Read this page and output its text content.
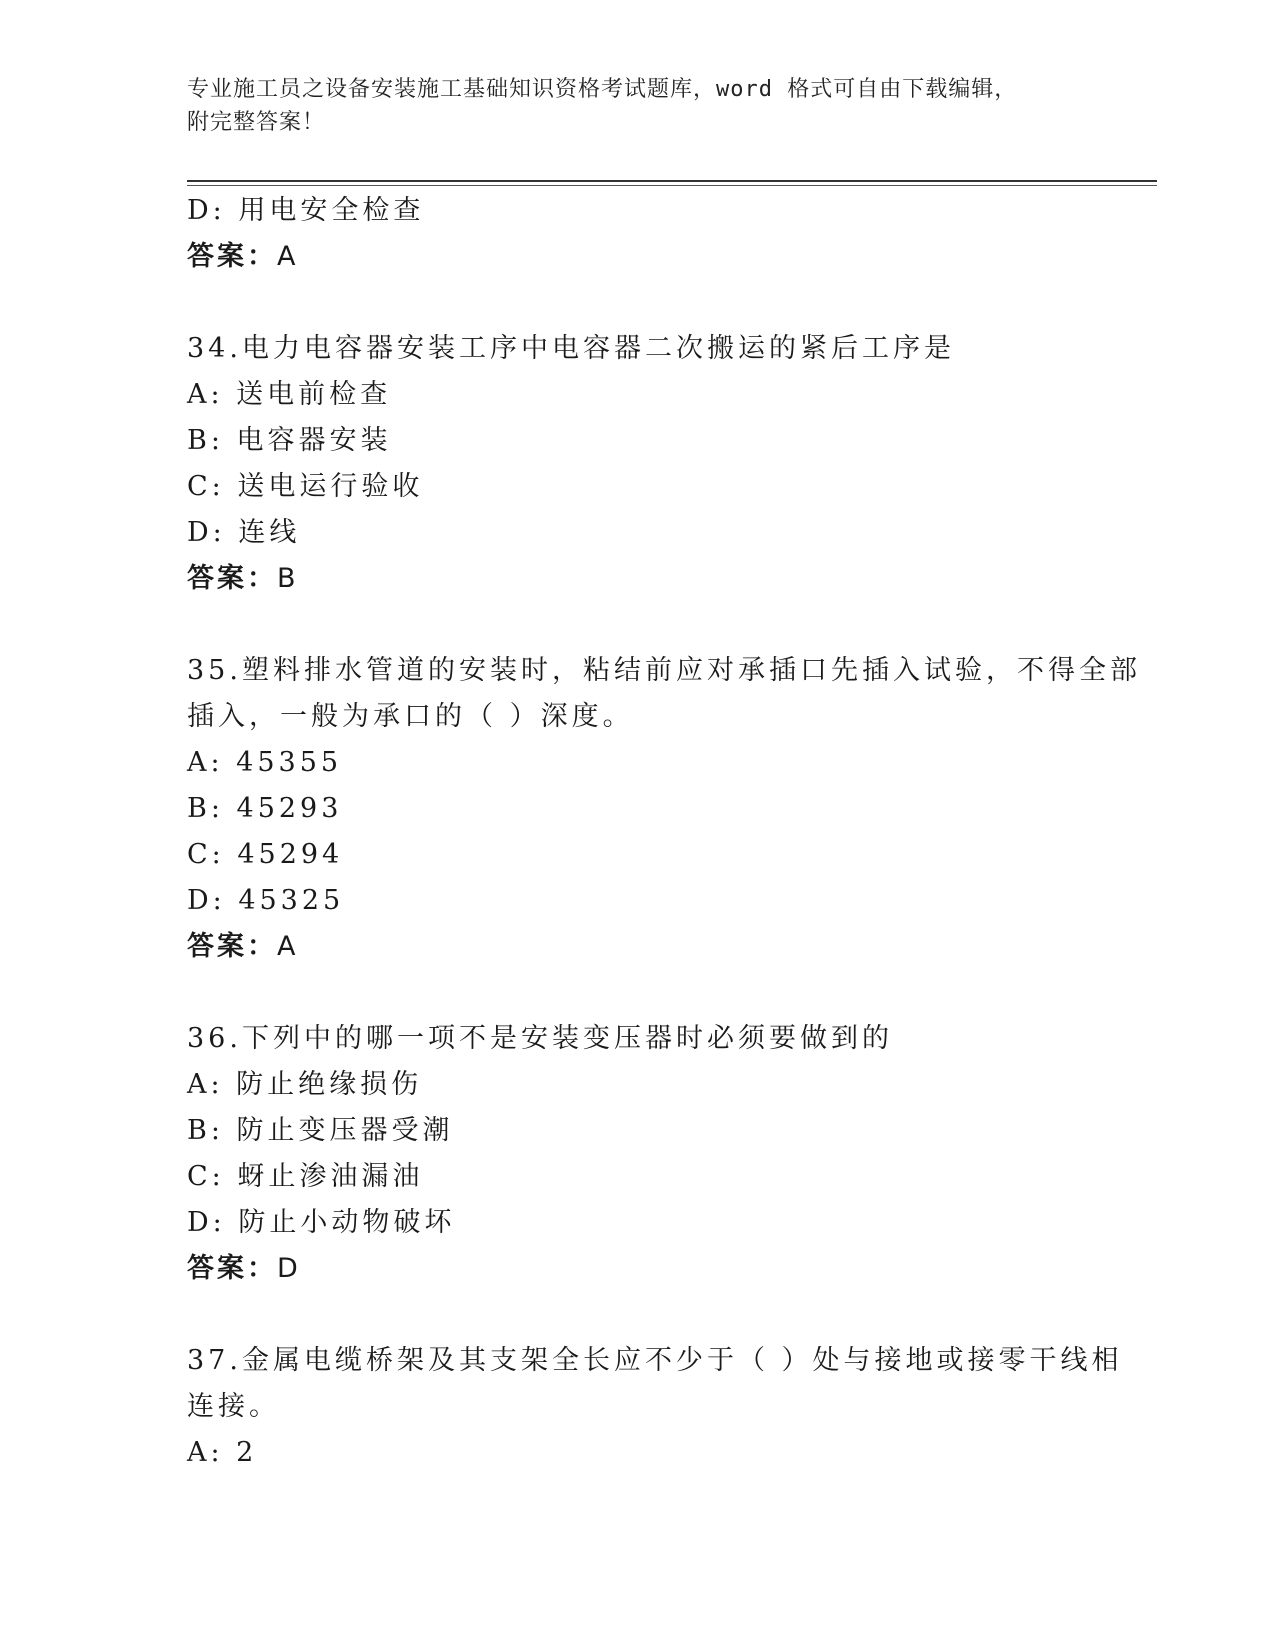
专业施工员之设备安装施工基础知识资格考试题库，word 格式可自由下载编辑，
附完整答案！
D: 用电安全检查
答案：A
34.电力电容器安装工序中电容器二次搬运的紧后工序是
A: 送电前检查
B: 电容器安装
C: 送电运行验收
D: 连线
答案：B
35.塑料排水管道的安装时，粘结前应对承插口先插入试验，不得全部
插入，一般为承口的（ ）深度。
A: 45355
B: 45293
C: 45294
D: 45325
答案：A
36.下列中的哪一项不是安装变压器时必须要做到的
A: 防止绝缘损伤
B: 防止变压器受潮
C: 蚜止渗油漏油
D: 防止小动物破坏
答案：D
37.金属电缆桥架及其支架全长应不少于（ ）处与接地或接零干线相
连接。
A: 2
